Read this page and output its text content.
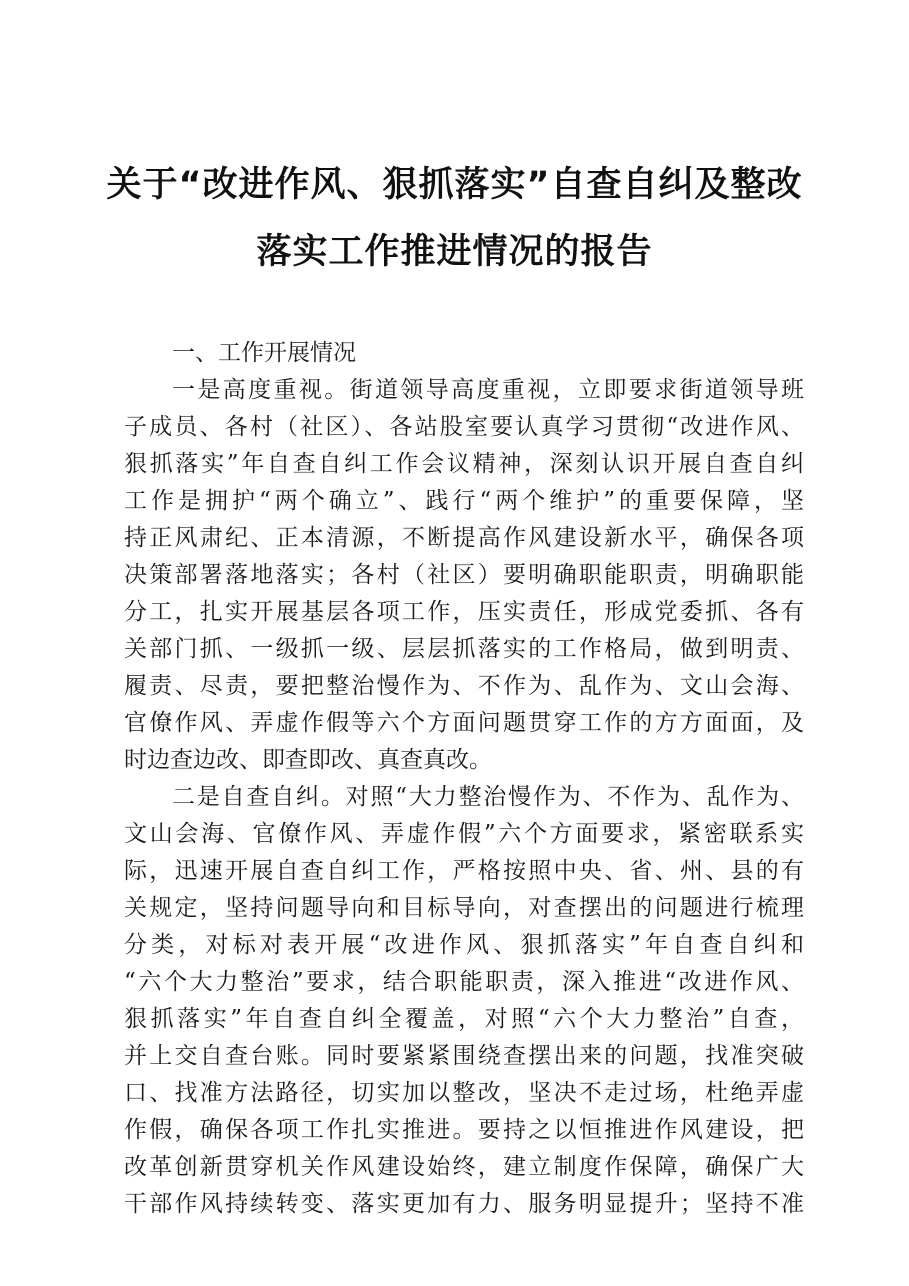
关于“改进作风、狠抓落实”自查自纠及整改
落实工作推进情况的报告
一、工作开展情况
一是高度重视。街道领导高度重视，立即要求街道领导班
子成员、各村（社区）、各站股室要认真学习贯彻“改进作风、
狠抓落实”年自查自纠工作会议精神，深刻认识开展自查自纠
工作是拥护“两个确立”、践行“两个维护”的重要保障，坚
持正风肃纪、正本清源，不断提高作风建设新水平，确保各项
决策部署落地落实；各村（社区）要明确职能职责，明确职能
分工，扎实开展基层各项工作，压实责任，形成党委抓、各有
关部门抓、一级抓一级、层层抓落实的工作格局，做到明责、
履责、尽责，要把整治慢作为、不作为、乱作为、文山会海、
官僚作风、弄虚作假等六个方面问题贯穿工作的方方面面，及
时边查边改、即查即改、真查真改。
二是自查自纠。对照“大力整治慢作为、不作为、乱作为、
文山会海、官僚作风、弄虚作假”六个方面要求，紧密联系实
际，迅速开展自查自纠工作，严格按照中央、省、州、县的有
关规定，坚持问题导向和目标导向，对查摆出的问题进行梳理
分类，对标对表开展“改进作风、狠抓落实”年自查自纠和
“六个大力整治”要求，结合职能职责，深入推进“改进作风、
狠抓落实”年自查自纠全覆盖，对照“六个大力整治”自查，
并上交自查台账。同时要紧紧围绕查摆出来的问题，找准突破
口、找准方法路径，切实加以整改，坚决不走过场，杜绝弄虚
作假，确保各项工作扎实推进。要持之以恒推进作风建设，把
改革创新贯穿机关作风建设始终，建立制度作保障，确保广大
干部作风持续转变、落实更加有力、服务明显提升；坚持不准
